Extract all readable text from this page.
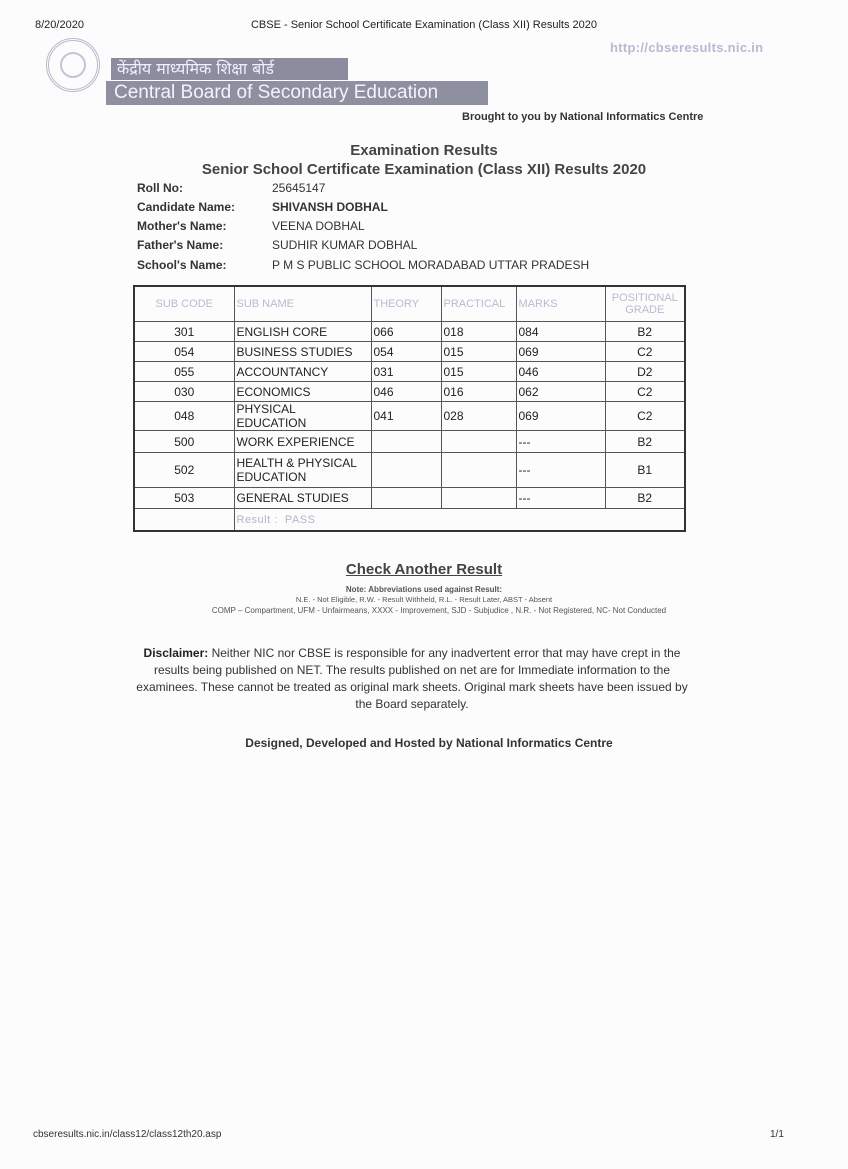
8/20/2020	CBSE - Senior School Certificate Examination (Class XII) Results 2020
http://cbseresults.nic.in
केंद्रीय माध्यमिक शिक्षा बोर्ड
Central Board of Secondary Education
Brought to you by National Informatics Centre
Examination Results
Senior School Certificate Examination (Class XII) Results 2020
Roll No:	25645147
Candidate Name:	SHIVANSH DOBHAL
Mother's Name:	VEENA DOBHAL
Father's Name:	SUDHIR KUMAR DOBHAL
School's Name:	P M S PUBLIC SCHOOL MORADABAD UTTAR PRADESH
SUB CODE	SUB NAME	THEORY	PRACTICAL	MARKS	POSITIONAL GRADE
301	ENGLISH CORE	066	018	084	B2
054	BUSINESS STUDIES	054	015	069	C2
055	ACCOUNTANCY	031	015	046	D2
030	ECONOMICS	046	016	062	C2
048	PHYSICAL EDUCATION	041	028	069	C2
500	WORK EXPERIENCE			---	B2
502	HEALTH & PHYSICAL EDUCATION			---	B1
503	GENERAL STUDIES			---	B2
	Result : PASS				
Check Another Result
Note: Abbreviations used against Result:
N.E. - Not Eligible, R.W. - Result Withheld, R.L. - Result Later, ABST - Absent
COMP – Compartment, UFM - Unfairmeans, XXXX - Improvement, SJD - Subjudice , N.R. - Not Registered, NC- Not Conducted
Disclaimer: Neither NIC nor CBSE is responsible for any inadvertent error that may have crept in the results being published on NET. The results published on net are for Immediate information to the examinees. These cannot be treated as original mark sheets. Original mark sheets have been issued by the Board separately.
Designed, Developed and Hosted by National Informatics Centre
cbseresults.nic.in/class12/class12th20.asp	1/1
